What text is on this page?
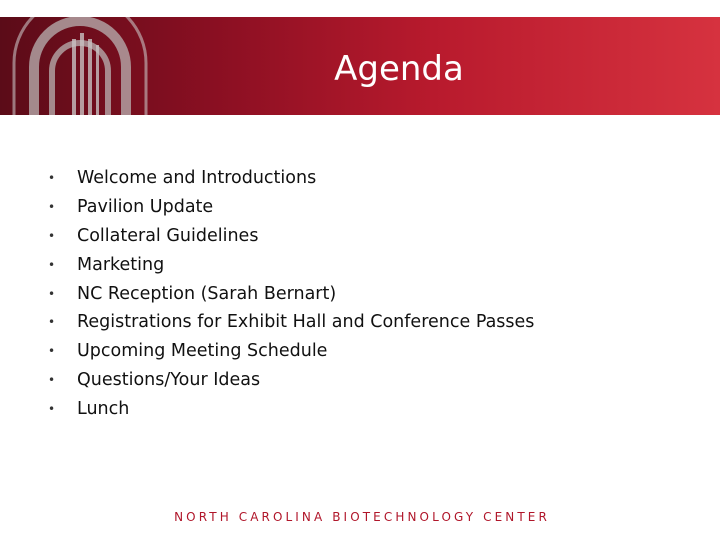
Agenda
• Welcome and Introductions
• Pavilion Update
• Collateral Guidelines
• Marketing
• NC Reception (Sarah Bernart)
• Registrations for Exhibit Hall and Conference Passes
• Upcoming Meeting Schedule
• Questions/Your Ideas
• Lunch
NORTH CAROLINA BIOTECHNOLOGY CENTER
